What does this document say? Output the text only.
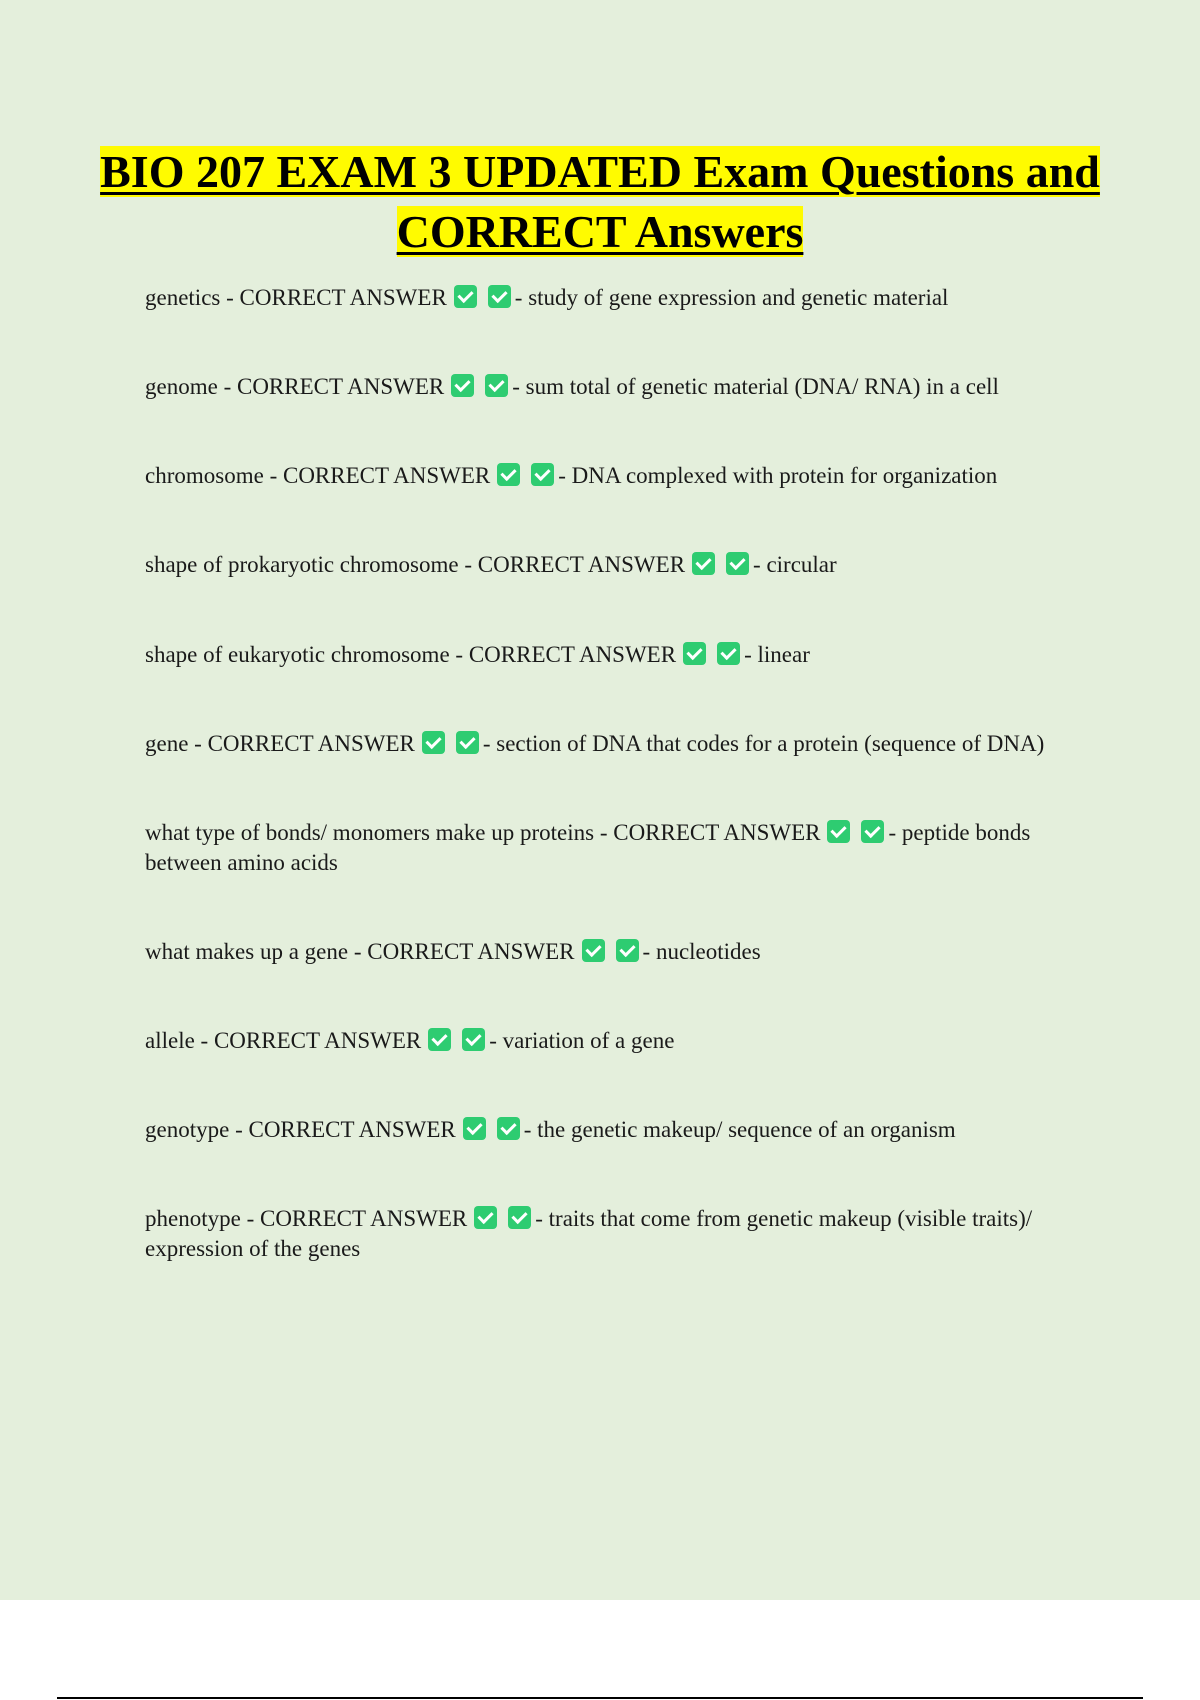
BIO 207 EXAM 3 UPDATED Exam Questions and CORRECT Answers

genetics - CORRECT ANSWER	- study of gene expression and genetic material

genome - CORRECT ANSWER	- sum total of genetic material (DNA/ RNA) in a cell

chromosome - CORRECT ANSWER	- DNA complexed with protein for organization

shape of prokaryotic chromosome - CORRECT ANSWER	- circular

shape of eukaryotic chromosome - CORRECT ANSWER	- linear

gene - CORRECT ANSWER	- section of DNA that codes for a protein (sequence of DNA)

what type of bonds/ monomers make up proteins - CORRECT ANSWER	- peptide bonds between amino acids

what makes up a gene - CORRECT ANSWER	- nucleotides

allele - CORRECT ANSWER	- variation of a gene

genotype - CORRECT ANSWER	- the genetic makeup/ sequence of an organism

phenotype - CORRECT ANSWER	- traits that come from genetic makeup (visible traits)/ expression of the genes
